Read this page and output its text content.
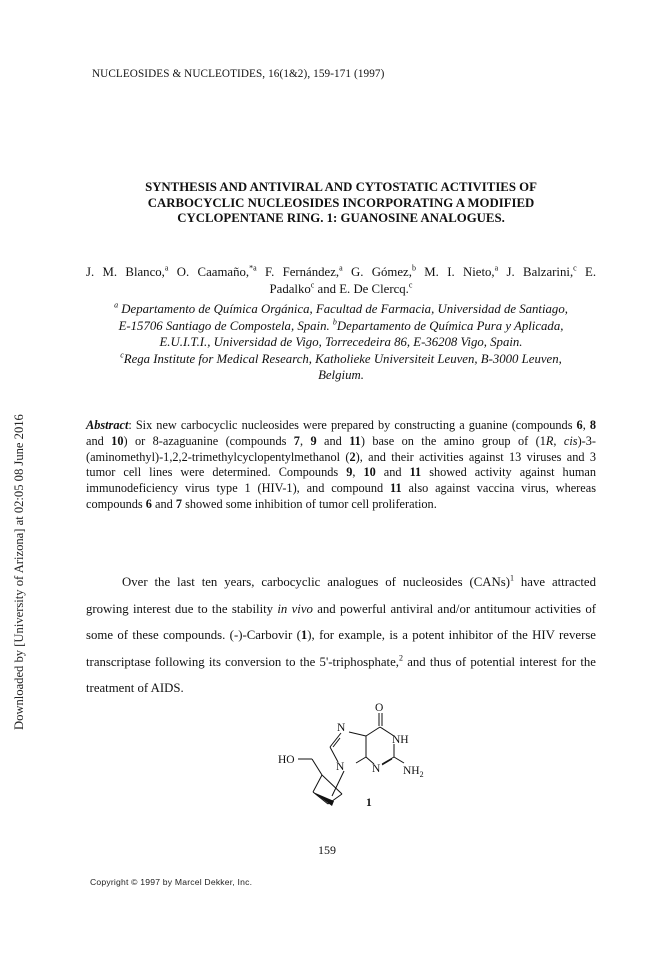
Downloaded by [University of Arizona] at 02:05 08 June 2016
NUCLEOSIDES & NUCLEOTIDES, 16(1&2), 159-171 (1997)
SYNTHESIS AND ANTIVIRAL AND CYTOSTATIC ACTIVITIES OF
CARBOCYCLIC NUCLEOSIDES INCORPORATING A MODIFIED
CYCLOPENTANE RING. 1: GUANOSINE ANALOGUES.
J. M. Blanco,$^a$ O. Caamaño,$^{*a}$ F. Fernández,$^a$ G. Gómez,$^b$ M. I. Nieto,$^a$ J. Balzarini,$^c$ E.
Padalko$^c$ and E. De Clercq.$^c$
$^a$ Departamento de Química Orgánica, Facultad de Farmacia, Universidad de Santiago,
E-15706 Santiago de Compostela, Spain. $^b$Departamento de Química Pura y Aplicada,
E.U.I.T.I., Universidad de Vigo, Torrecedeira 86, E-36208 Vigo, Spain.
$^c$Rega Institute for Medical Research, Katholieke Universiteit Leuven, B-3000 Leuven,
Belgium.
Abstract: Six new carbocyclic nucleosides were prepared by constructing a guanine (compounds 6, 8 and 10) or 8-azaguanine (compounds 7, 9 and 11) base on the amino group of (1R, cis)-3-(aminomethyl)-1,2,2-trimethylcyclopentylmethanol (2), and their activities against 13 viruses and 3 tumor cell lines were determined. Compounds 9, 10 and 11 showed activity against human immunodeficiency virus type 1 (HIV-1), and compound 11 also against vaccina virus, whereas compounds 6 and 7 showed some inhibition of tumor cell proliferation.

Over the last ten years, carbocyclic analogues of nucleosides (CANs)$^1$ have attracted growing interest due to the stability in vivo and powerful antiviral and/or antitumour activities of some of these compounds. (-)-Carbovir (1), for example, is a potent inhibitor of the HIV reverse transcriptase following its conversion to the 5'-triphosphate,$^2$ and thus of potential interest for the treatment of AIDS.

O
NH
N
N N $NH_2$
HO
1
159
Copyright © 1997 by Marcel Dekker, Inc.
